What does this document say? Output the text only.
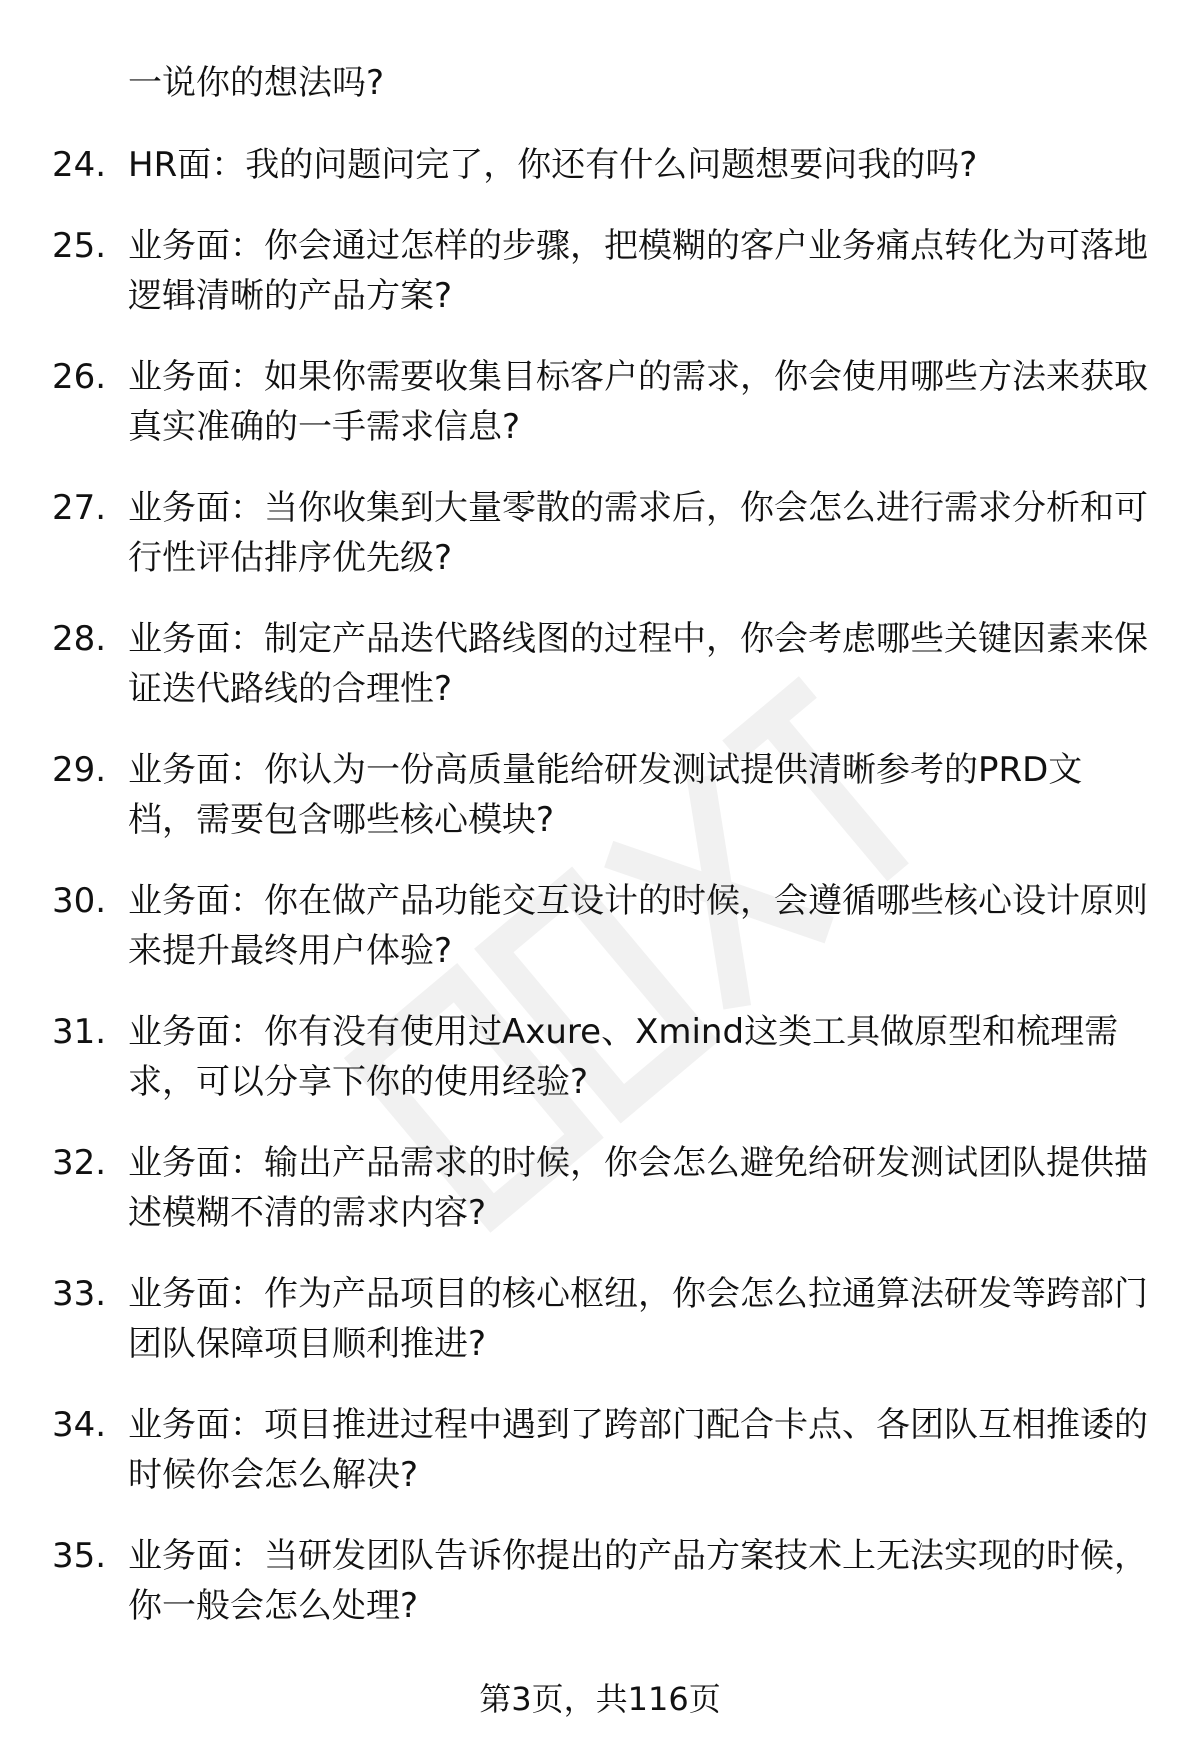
一说你的想法吗?
24. HR面：我的问题问完了，你还有什么问题想要问我的吗?
25. 业务面：你会通过怎样的步骤，把模糊的客户业务痛点转化为可落地逻辑清晰的产品方案?
26. 业务面：如果你需要收集目标客户的需求，你会使用哪些方法来获取真实准确的一手需求信息?
27. 业务面：当你收集到大量零散的需求后，你会怎么进行需求分析和可行性评估排序优先级?
28. 业务面：制定产品迭代路线图的过程中，你会考虑哪些关键因素来保证迭代路线的合理性?
29. 业务面：你认为一份高质量能给研发测试提供清晰参考的PRD文档，需要包含哪些核心模块?
30. 业务面：你在做产品功能交互设计的时候，会遵循哪些核心设计原则来提升最终用户体验?
31. 业务面：你有没有使用过Axure、Xmind这类工具做原型和梳理需求，可以分享下你的使用经验?
32. 业务面：输出产品需求的时候，你会怎么避免给研发测试团队提供描述模糊不清的需求内容?
33. 业务面：作为产品项目的核心枢纽，你会怎么拉通算法研发等跨部门团队保障项目顺利推进?
34. 业务面：项目推进过程中遇到了跨部门配合卡点、各团队互相推诿的时候你会怎么解决?
35. 业务面：当研发团队告诉你提出的产品方案技术上无法实现的时候，你一般会怎么处理?
第3页，共116页
